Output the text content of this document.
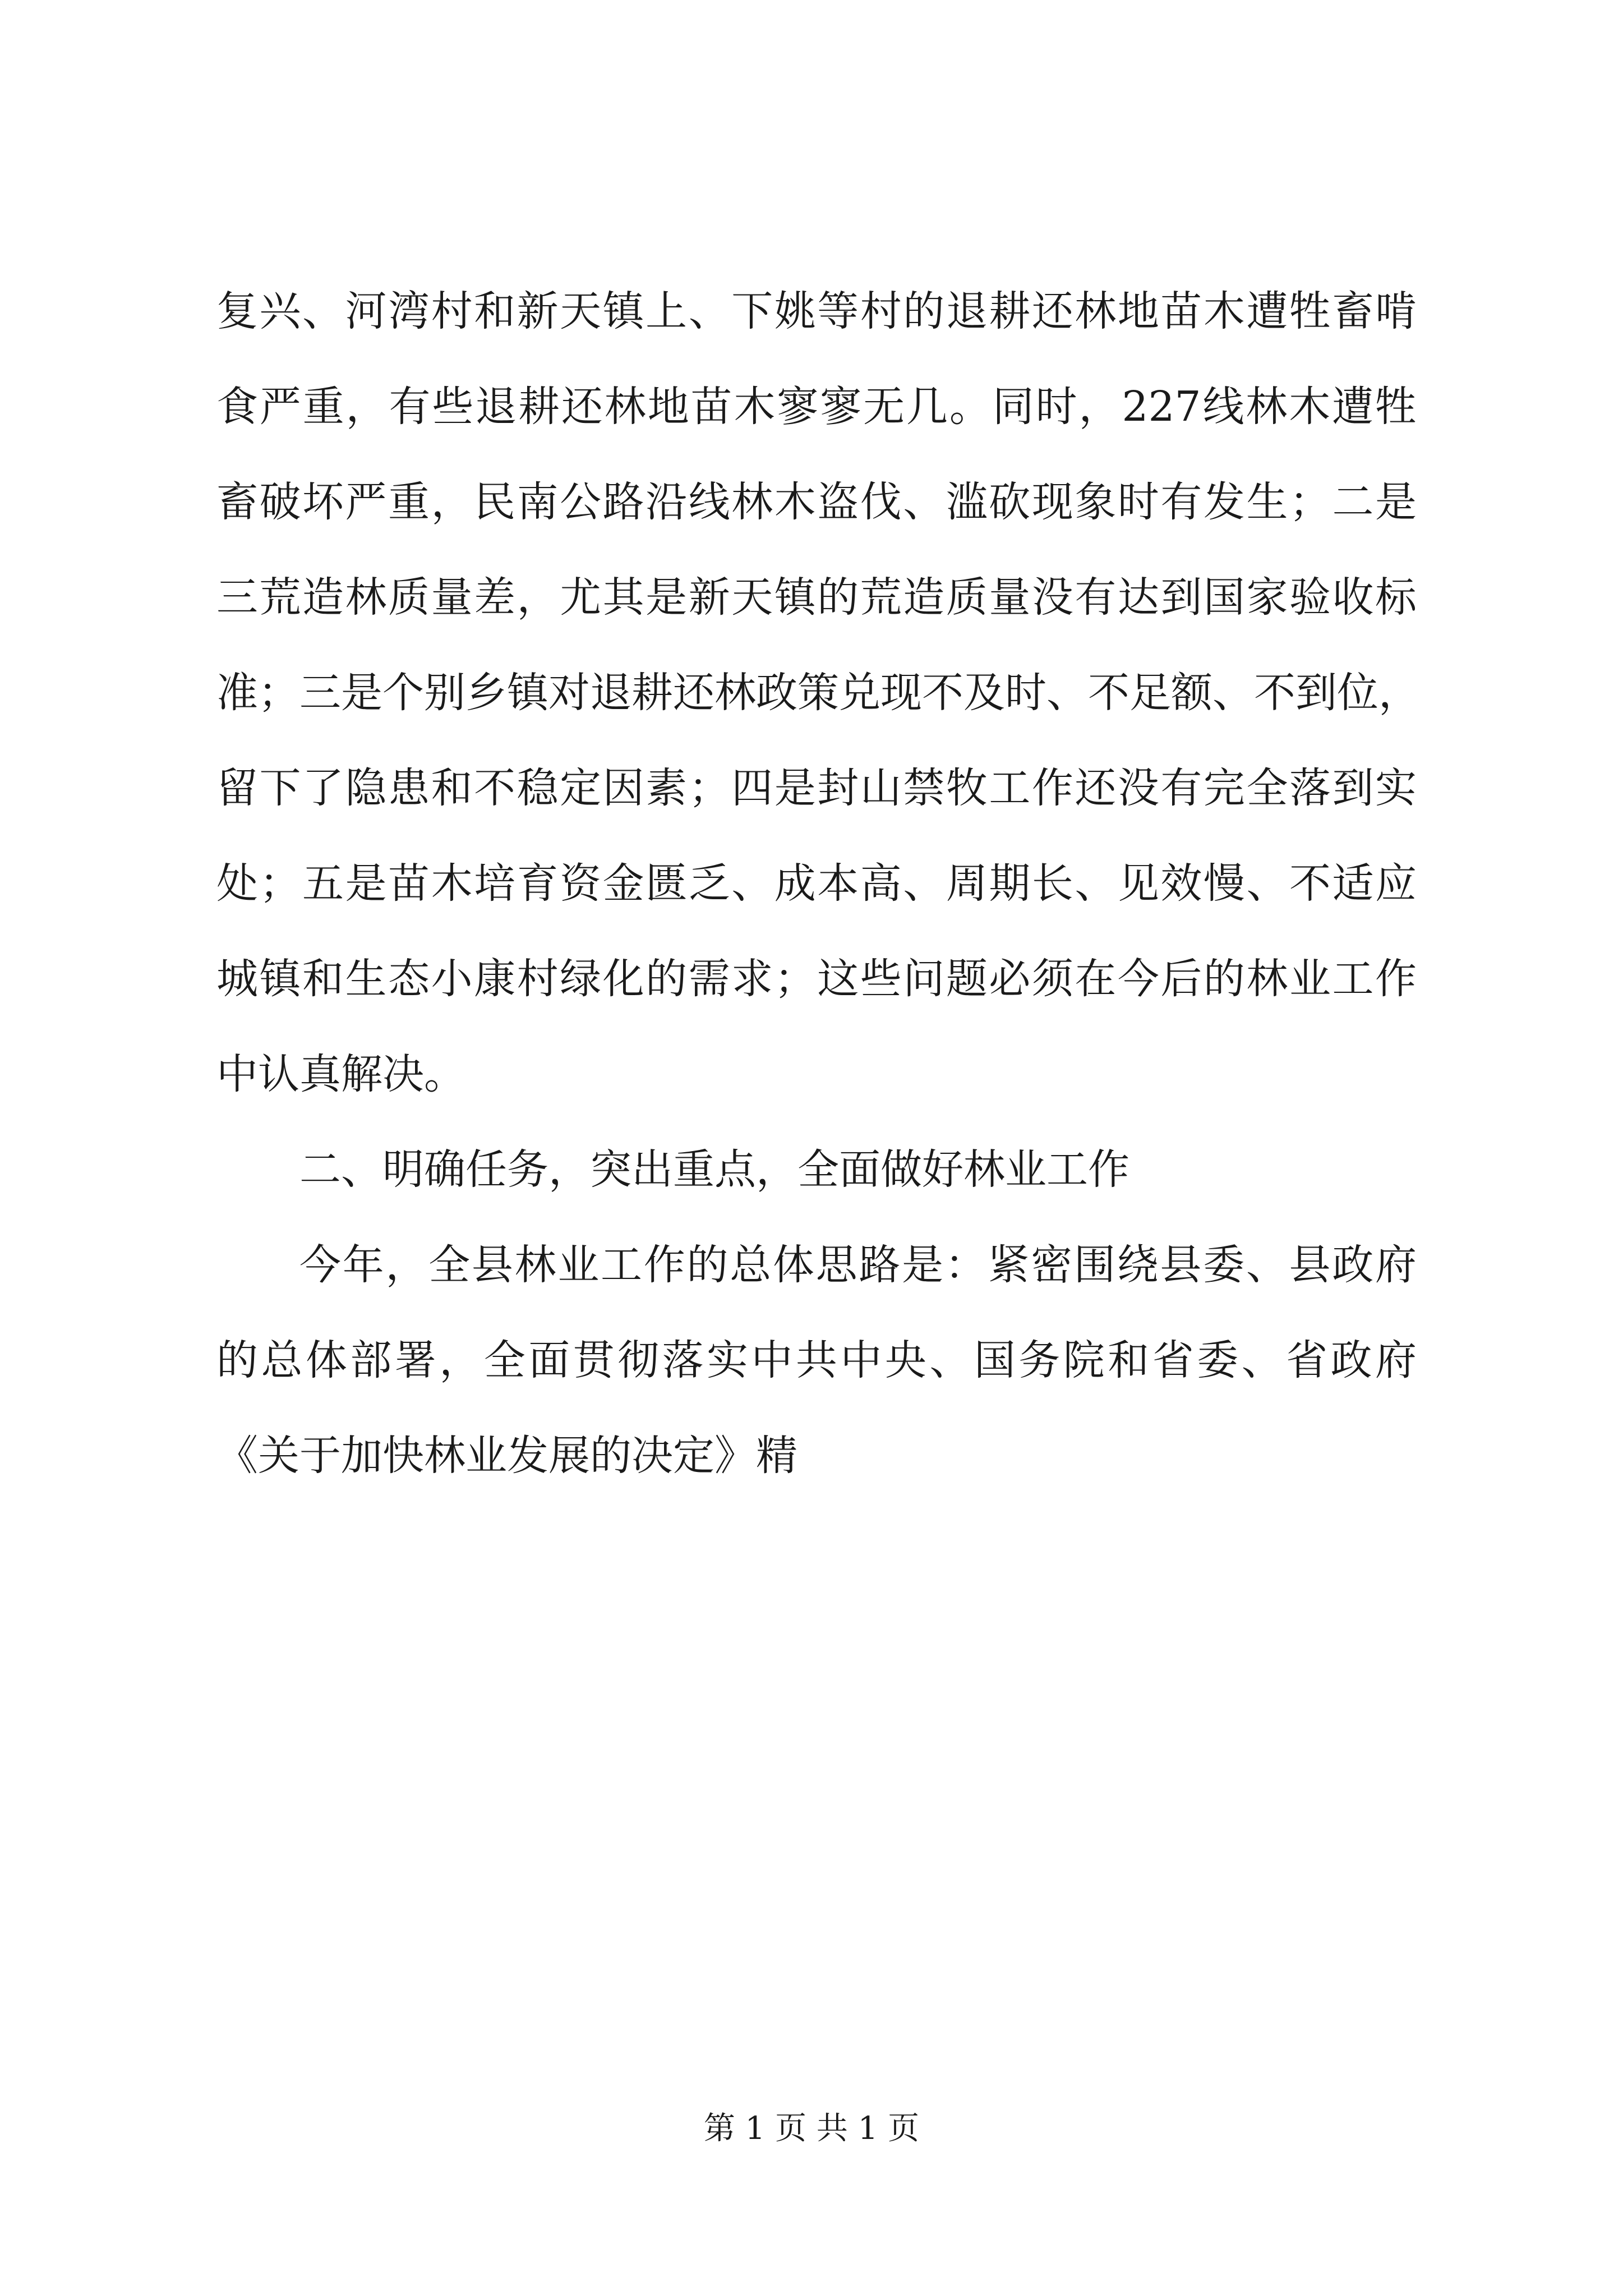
复兴、河湾村和新天镇上、下姚等村的退耕还林地苗木遭牲畜啃
食严重，有些退耕还林地苗木寥寥无几。同时，227线林木遭牲
畜破坏严重，民南公路沿线林木盗伐、滥砍现象时有发生；二是
三荒造林质量差，尤其是新天镇的荒造质量没有达到国家验收标
准；三是个别乡镇对退耕还林政策兑现不及时、不足额、不到位，
留下了隐患和不稳定因素；四是封山禁牧工作还没有完全落到实
处；五是苗木培育资金匮乏、成本高、周期长、见效慢、不适应
城镇和生态小康村绿化的需求；这些问题必须在今后的林业工作
中认真解决。
二、明确任务，突出重点，全面做好林业工作
今年，全县林业工作的总体思路是：紧密围绕县委、县政府
的总体部署，全面贯彻落实中共中央、国务院和省委、省政府
《关于加快林业发展的决定》精
第 1 页 共 1 页
